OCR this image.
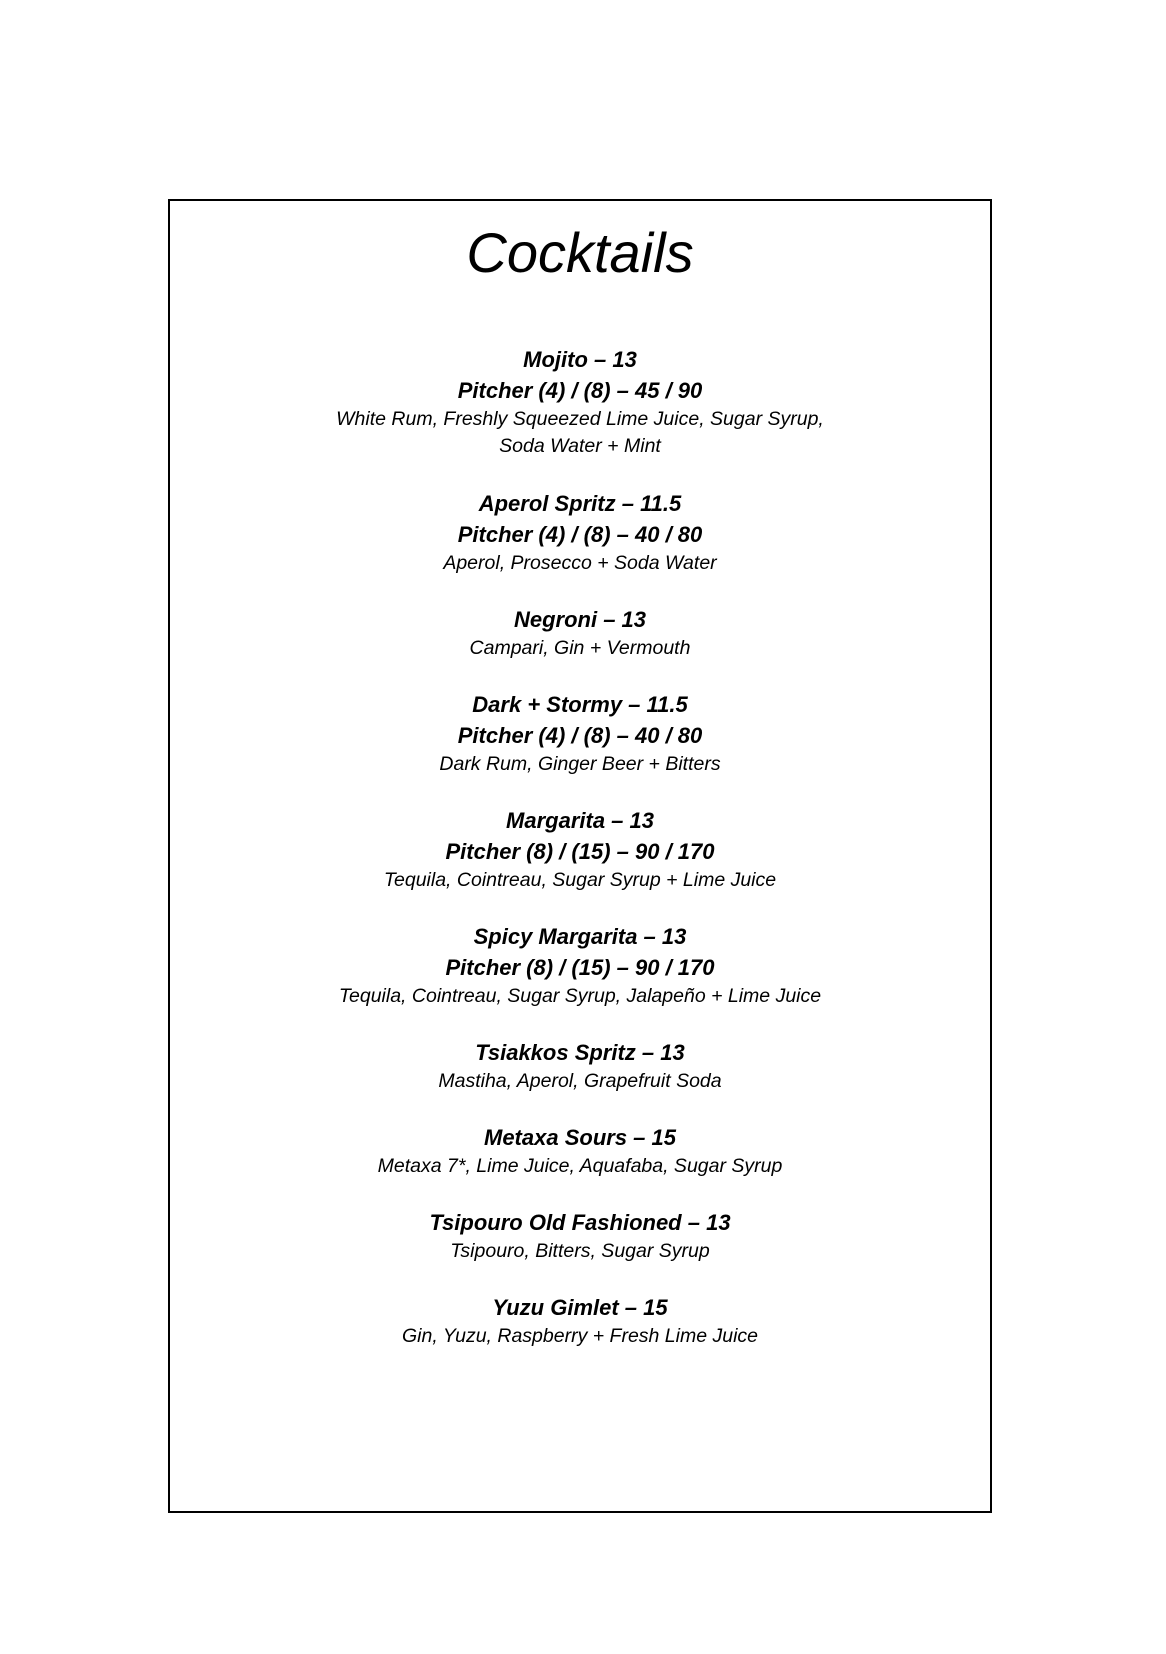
Cocktails
Mojito – 13
Pitcher (4) / (8) – 45 / 90
White Rum, Freshly Squeezed Lime Juice, Sugar Syrup,
Soda Water + Mint
Aperol Spritz – 11.5
Pitcher (4) / (8) – 40 / 80
Aperol, Prosecco + Soda Water
Negroni – 13
Campari, Gin + Vermouth
Dark + Stormy – 11.5
Pitcher (4) / (8) – 40 / 80
Dark Rum, Ginger Beer + Bitters
Margarita – 13
Pitcher (8) / (15) – 90 / 170
Tequila, Cointreau, Sugar Syrup + Lime Juice
Spicy Margarita – 13
Pitcher (8) / (15) – 90 / 170
Tequila, Cointreau, Sugar Syrup, Jalapeño + Lime Juice
Tsiakkos Spritz – 13
Mastiha, Aperol, Grapefruit Soda
Metaxa Sours – 15
Metaxa 7*, Lime Juice, Aquafaba, Sugar Syrup
Tsipouro Old Fashioned – 13
Tsipouro, Bitters, Sugar Syrup
Yuzu Gimlet – 15
Gin, Yuzu, Raspberry + Fresh Lime Juice
